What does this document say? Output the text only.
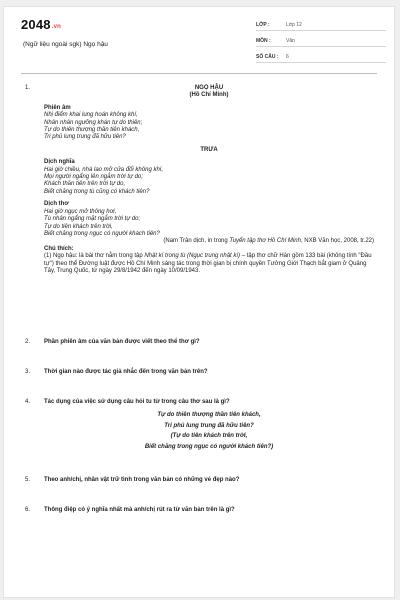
2048.vn
(Ngữ liệu ngoài sgk) Ngọ hậu
LỚP :	Lớp 12
MÔN :	Văn
SỐ CÂU :	6
1.	NGỌ HẬU
(Hồ Chí Minh)
Phiên âm
Nhị điểm khai lung hoán không khí,
Nhân nhân ngưỡng khán tự do thiên;
Tự do thiên thượng thần tiên khách,
Tri phủ lung trung đã hữu tiên?
TRƯA
Dịch nghĩa
Hai giờ chiều, nhà lao mở cửa đổi không khí,
Mọi người ngẩng lên ngắm trời tự do;
Khách thần tiên trên trời tự do,
Biết chăng trong tù cũng có khách tiên?
Dịch thơ
Hai giờ ngục mở thông hơi,
Tù nhân ngẩng mặt ngắm trời tự do;
Tự do tiên khách trên trời,
Biết chăng trong ngục có người khách tiên?
(Nam Trân dịch, in trong Tuyển tập thơ Hồ Chí Minh, NXB Văn học, 2008, tr.22)
Chú thích:
(1) Ngọ hậu: là bài thơ nằm trong tập Nhật kí trong tù (Ngục trung nhật kí) – tập thơ chữ Hán gồm 133 bài (không tính "Đầu tự") theo thể Đường luật được Hồ Chí Minh sáng tác trong thời gian bị chính quyền Tưởng Giới Thạch bắt giam ở Quảng Tây, Trung Quốc, từ ngày 29/8/1942 đến ngày 10/09/1943.
2. Phần phiên âm của văn bản được viết theo thể thơ gì?
3. Thời gian nào được tác giả nhắc đến trong văn bản trên?
4. Tác dụng của việc sử dụng câu hỏi tu từ trong câu thơ sau là gì?
Tự do thiên thượng thần tiên khách,
Tri phủ lung trung đã hữu tiên?
(Tự do tiên khách trên trời,
Biết chăng trong ngục có người khách tiên?)
5. Theo anh/chị, nhân vật trữ tình trong văn bản có những vẻ đẹp nào?
6. Thông điệp có ý nghĩa nhất mà anh/chị rút ra từ văn bản trên là gì?
